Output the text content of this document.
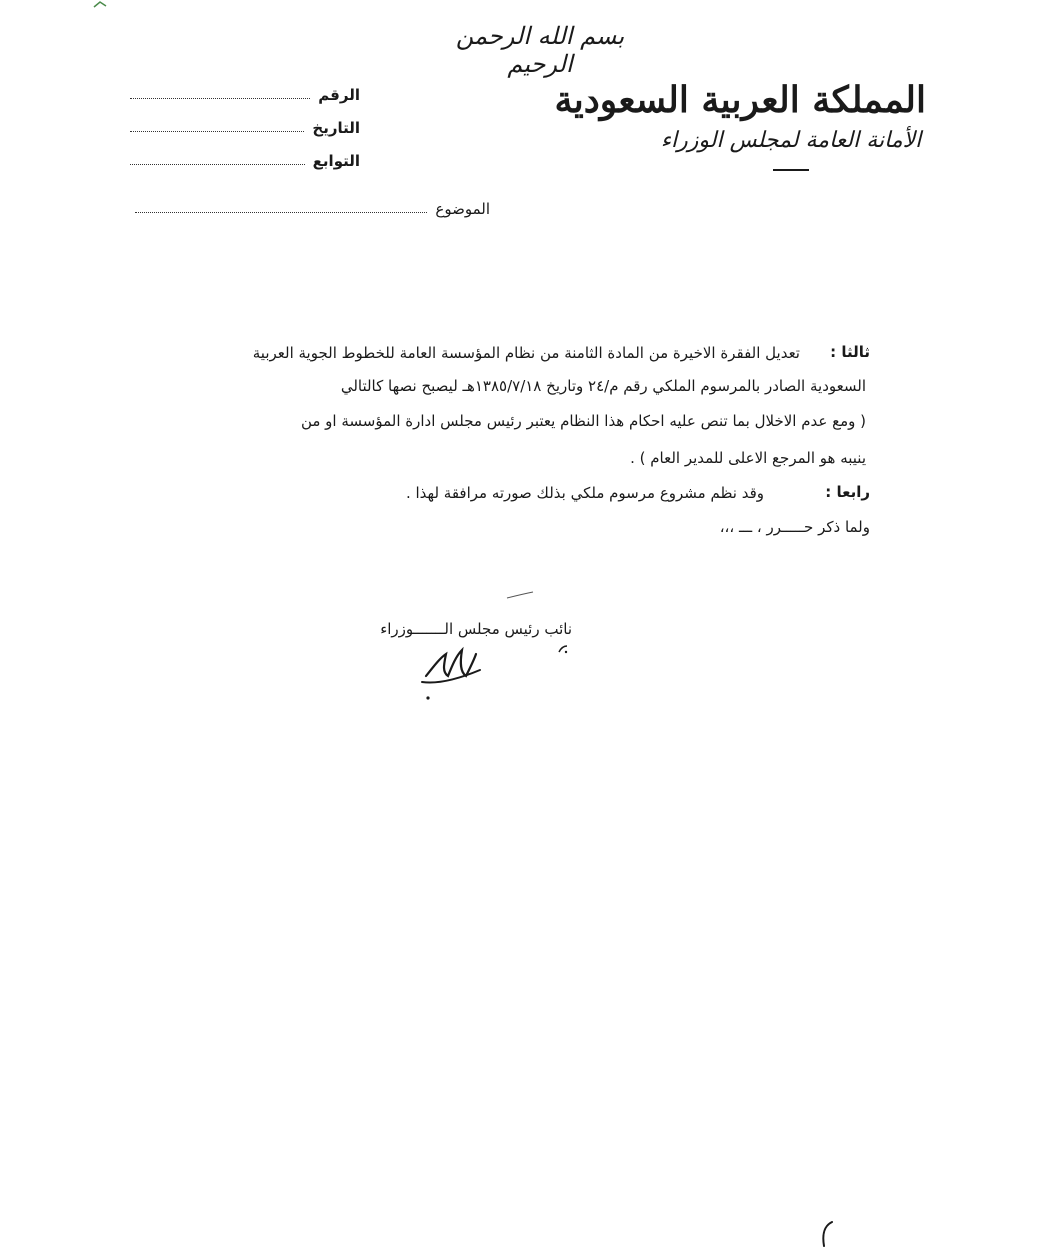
بسم الله الرحمن الرحيم
المملكة العربية السعودية
الأمانة العامة لمجلس الوزراء
الرقم
التاريخ
التوابع
الموضوع
ثالثا :
تعديل الفقرة الاخيرة من المادة الثامنة من نظام المؤسسة العامة للخطوط الجوية العربية
السعودية الصادر بالمرسوم الملكي رقم م/٢٤ وتاريخ ١٣٨٥/٧/١٨هـ ليصبح نصها كالتالي
( ومع عدم الاخلال بما تنص عليه احكام هذا النظام يعتبر رئيس مجلس ادارة المؤسسة او من
ينيبه هو المرجع الاعلى للمدير العام ) .
رابعا :
وقد نظم مشروع مرسوم ملكي بذلك صورته مرافقة لهذا .
ولما ذكر حـــــرر ، ـــ ،،،
نائب رئيس مجلس الـــــــوزراء
